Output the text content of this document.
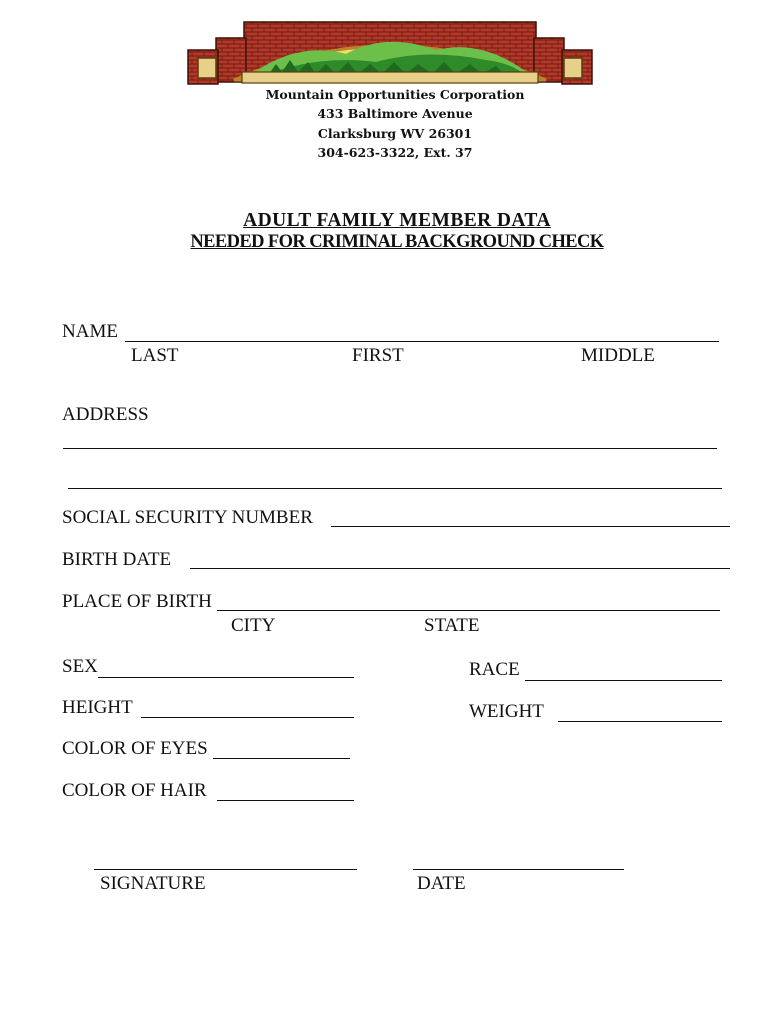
Mountain Opportunities Corporation
433 Baltimore Avenue
Clarksburg WV 26301
304-623-3322, Ext. 37
ADULT FAMILY MEMBER DATA
NEEDED FOR CRIMINAL BACKGROUND CHECK
NAME
LAST	FIRST	MIDDLE
ADDRESS
SOCIAL SECURITY NUMBER
BIRTH DATE
PLACE OF BIRTH
CITY	STATE
SEX	RACE
HEIGHT	WEIGHT
COLOR OF EYES
COLOR OF HAIR
SIGNATURE	DATE
